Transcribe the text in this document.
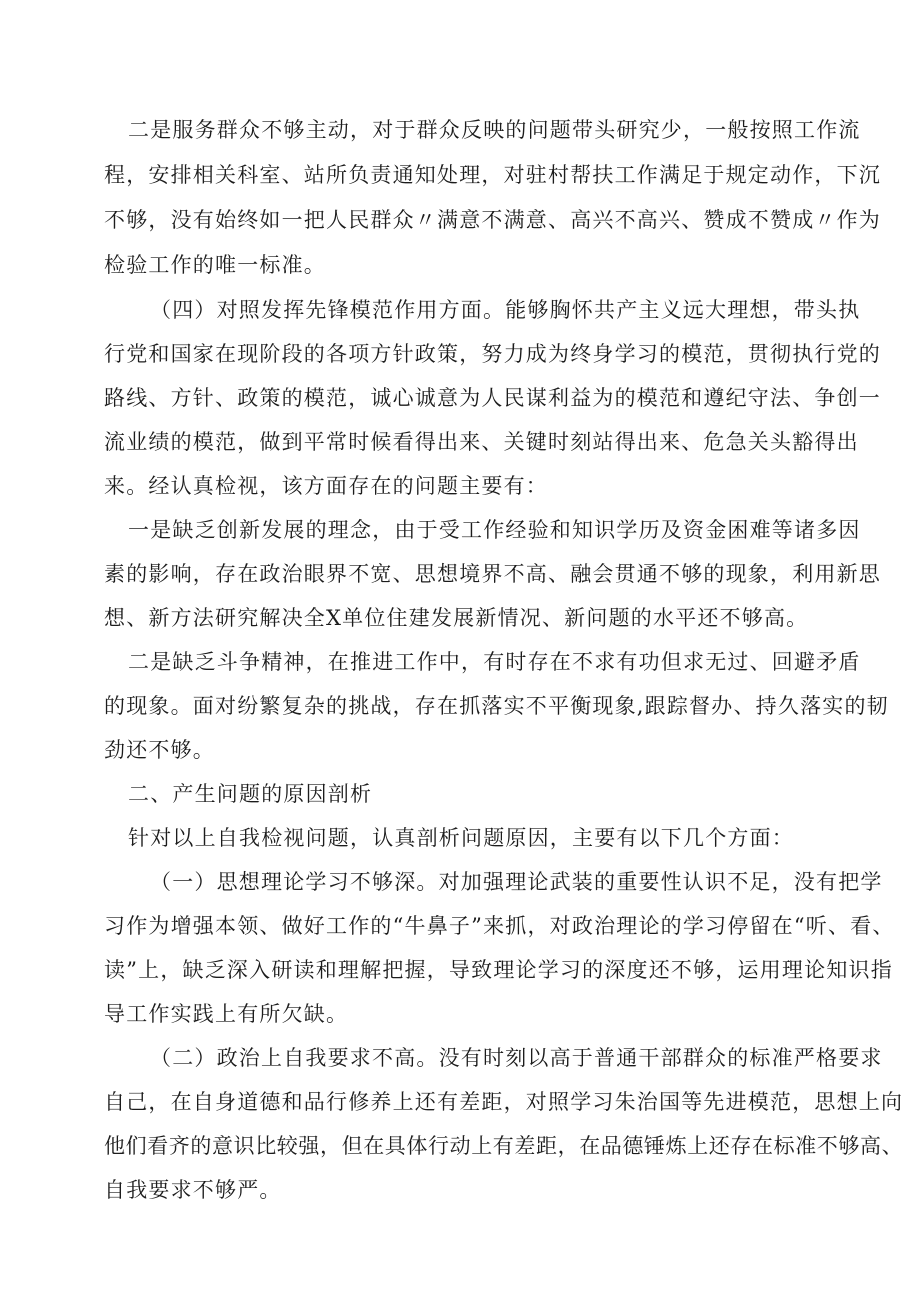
二是服务群众不够主动，对于群众反映的问题带头研究少，一般按照工作流

程，安排相关科室、站所负责通知处理，对驻村帮扶工作满足于规定动作，下沉

不够，没有始终如一把人民群众〃满意不满意、高兴不高兴、赞成不赞成〃作为

检验工作的唯一标准。

（四）对照发挥先锋模范作用方面。能够胸怀共产主义远大理想，带头执

行党和国家在现阶段的各项方针政策，努力成为终身学习的模范，贯彻执行党的

路线、方针、政策的模范，诚心诚意为人民谋利益为的模范和遵纪守法、争创一

流业绩的模范，做到平常时候看得出来、关键时刻站得出来、危急关头豁得出

来。经认真检视，该方面存在的问题主要有：

一是缺乏创新发展的理念，由于受工作经验和知识学历及资金困难等诸多因

素的影响，存在政治眼界不宽、思想境界不高、融会贯通不够的现象，利用新思

想、新方法研究解决全X单位住建发展新情况、新问题的水平还不够高。

二是缺乏斗争精神，在推进工作中，有时存在不求有功但求无过、回避矛盾

的现象。面对纷繁复杂的挑战，存在抓落实不平衡现象,跟踪督办、持久落实的韧

劲还不够。

二、产生问题的原因剖析

针对以上自我检视问题，认真剖析问题原因，主要有以下几个方面：

（一）思想理论学习不够深。对加强理论武装的重要性认识不足，没有把学

习作为增强本领、做好工作的“牛鼻子”来抓，对政治理论的学习停留在“听、看、

读”上，缺乏深入研读和理解把握，导致理论学习的深度还不够，运用理论知识指

导工作实践上有所欠缺。

（二）政治上自我要求不高。没有时刻以高于普通干部群众的标准严格要求

自己，在自身道德和品行修养上还有差距，对照学习朱治国等先进模范，思想上向

他们看齐的意识比较强，但在具体行动上有差距，在品德锤炼上还存在标准不够高、

自我要求不够严。
